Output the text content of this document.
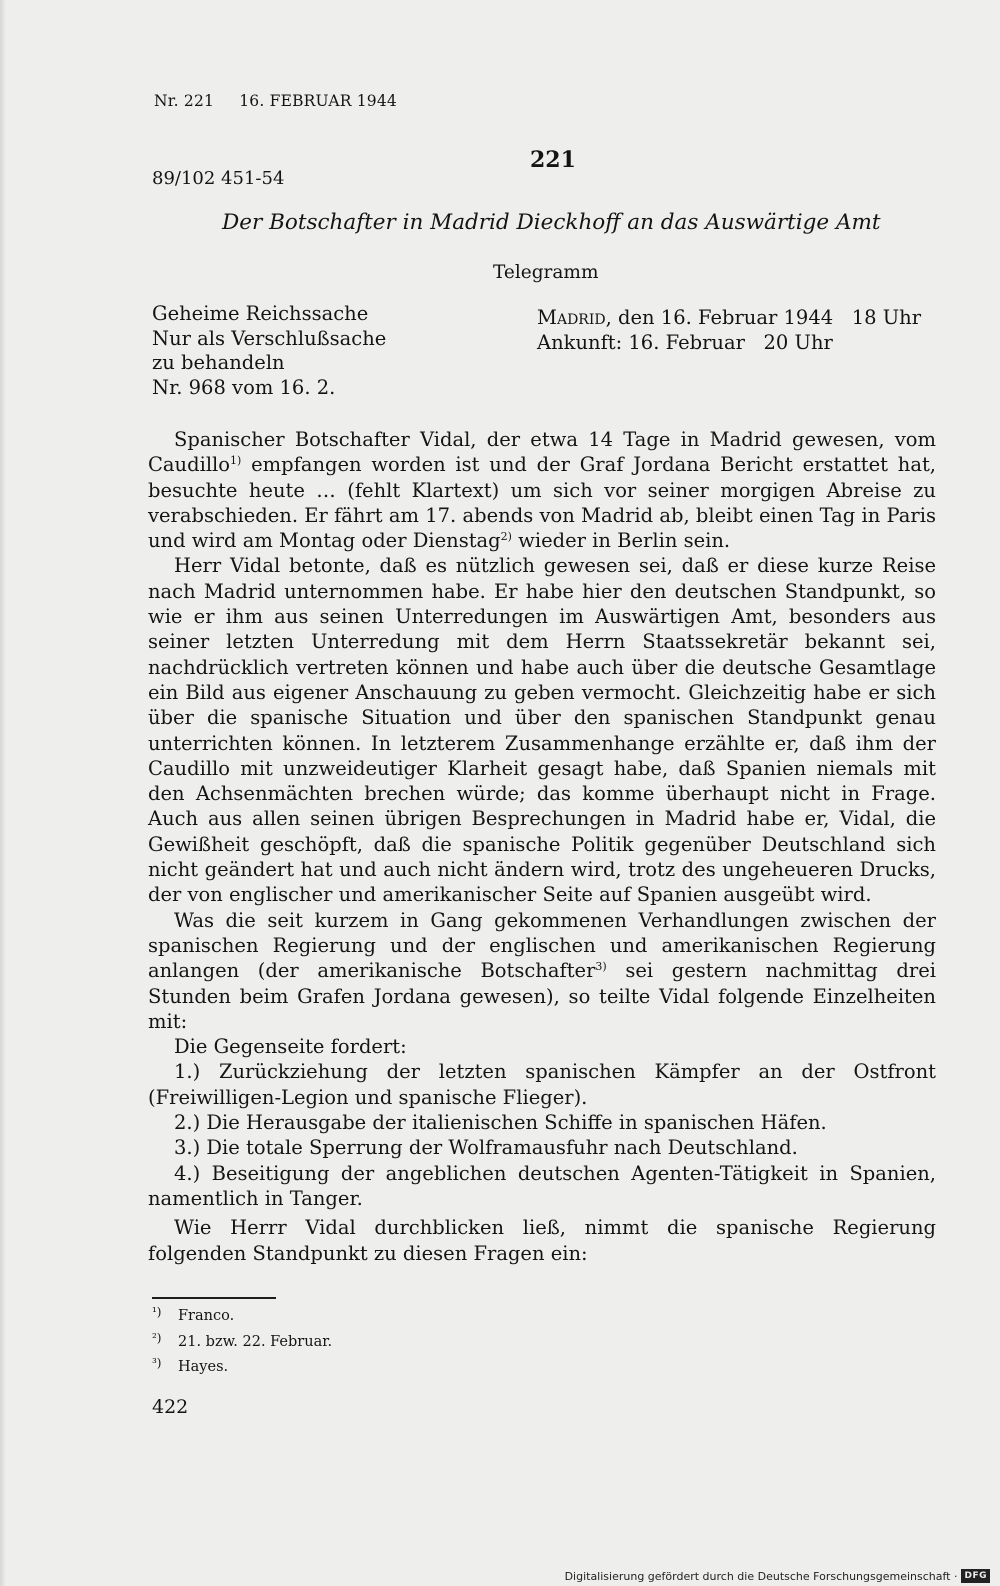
Nr. 221 16. FEBRUAR 1944
221
89/102 451-54
Der Botschafter in Madrid Dieckhoff an das Auswärtige Amt
Telegramm
Geheime Reichssache
Nur als Verschlußsache
zu behandeln
Nr. 968 vom 16. 2.
Madrid, den 16. Februar 1944   18 Uhr
Ankunft: 16. Februar   20 Uhr

Spanischer Botschafter Vidal, der etwa 14 Tage in Madrid gewesen, vom Caudillo$^{1)}$ empfangen worden ist und der Graf Jordana Bericht erstattet hat, besuchte heute … (fehlt Klartext) um sich vor seiner morgigen Abreise zu verabschieden. Er fährt am 17. abends von Madrid ab, bleibt einen Tag in Paris und wird am Montag oder Dienstag$^{2)}$ wieder in Berlin sein.

Herr Vidal betonte, daß es nützlich gewesen sei, daß er diese kurze Reise nach Madrid unternommen habe. Er habe hier den deutschen Standpunkt, so wie er ihm aus seinen Unterredungen im Auswärtigen Amt, besonders aus seiner letzten Unterredung mit dem Herrn Staatssekretär bekannt sei, nachdrücklich vertreten können und habe auch über die deutsche Gesamtlage ein Bild aus eigener Anschauung zu geben vermocht. Gleichzeitig habe er sich über die spanische Situation und über den spanischen Standpunkt genau unterrichten können. In letzterem Zusammenhange erzählte er, daß ihm der Caudillo mit unzweideutiger Klarheit gesagt habe, daß Spanien niemals mit den Achsenmächten brechen würde; das komme überhaupt nicht in Frage. Auch aus allen seinen übrigen Besprechungen in Madrid habe er, Vidal, die Gewißheit geschöpft, daß die spanische Politik gegenüber Deutschland sich nicht geändert hat und auch nicht ändern wird, trotz des ungeheueren Drucks, der von englischer und amerikanischer Seite auf Spanien ausgeübt wird.

Was die seit kurzem in Gang gekommenen Verhandlungen zwischen der spanischen Regierung und der englischen und amerikanischen Regierung anlangen (der amerikanische Botschafter$^{3)}$ sei gestern nachmittag drei Stunden beim Grafen Jordana gewesen), so teilte Vidal folgende Einzelheiten mit:

Die Gegenseite fordert:

1.) Zurückziehung der letzten spanischen Kämpfer an der Ostfront (Freiwilligen-Legion und spanische Flieger).

2.) Die Herausgabe der italienischen Schiffe in spanischen Häfen.

3.) Die totale Sperrung der Wolframausfuhr nach Deutschland.

4.) Beseitigung der angeblichen deutschen Agenten-Tätigkeit in Spanien, namentlich in Tanger.

Wie Herrr Vidal durchblicken ließ, nimmt die spanische Regierung folgenden Standpunkt zu diesen Fragen ein:

¹) Franco.
²) 21. bzw. 22. Februar.
³) Hayes.
422
Digitalisierung gefördert durch die Deutsche Forschungsgemeinschaft · DFG
